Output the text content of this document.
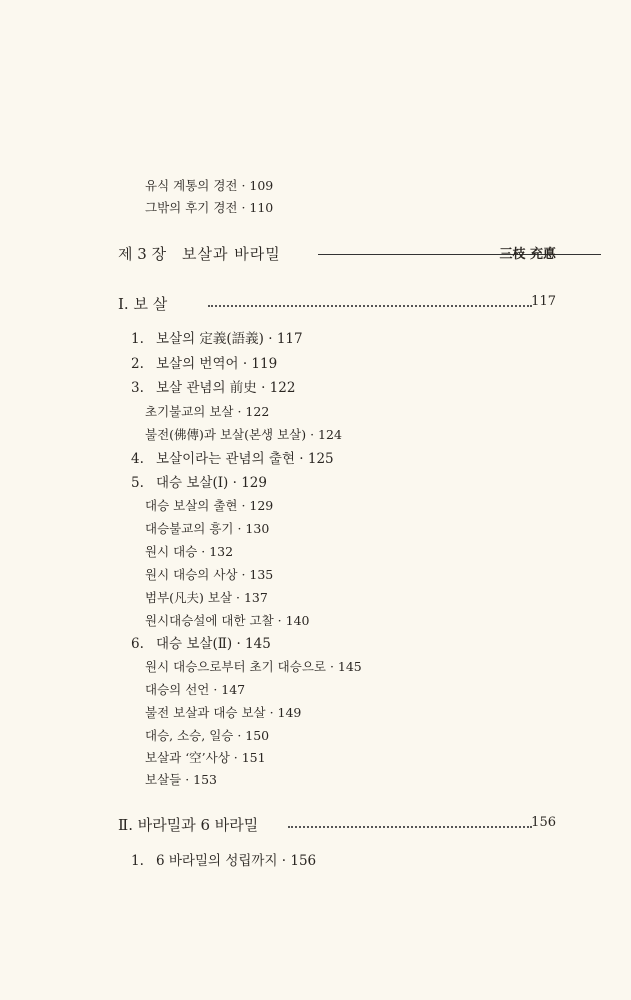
유식 계통의 경전 · 109
그밖의 후기 경전 · 110
제 3 장 보살과 바라밀	三枝 充悳
Ⅰ. 보 살	117
1. 보살의 定義(語義) · 117
2. 보살의 번역어 · 119
3. 보살 관념의 前史 · 122
초기불교의 보살 · 122
불전(佛傳)과 보살(본생 보살) · 124
4. 보살이라는 관념의 출현 · 125
5. 대승 보살(Ⅰ) · 129
대승 보살의 출현 · 129
대승불교의 흥기 · 130
원시 대승 · 132
원시 대승의 사상 · 135
범부(凡夫) 보살 · 137
원시대승설에 대한 고찰 · 140
6. 대승 보살(Ⅱ) · 145
원시 대승으로부터 초기 대승으로 · 145
대승의 선언 · 147
불전 보살과 대승 보살 · 149
대승, 소승, 일승 · 150
보살과 ‘空’사상 · 151
보살들 · 153
Ⅱ. 바라밀과 6 바라밀	156
1. 6 바라밀의 성립까지 · 156
